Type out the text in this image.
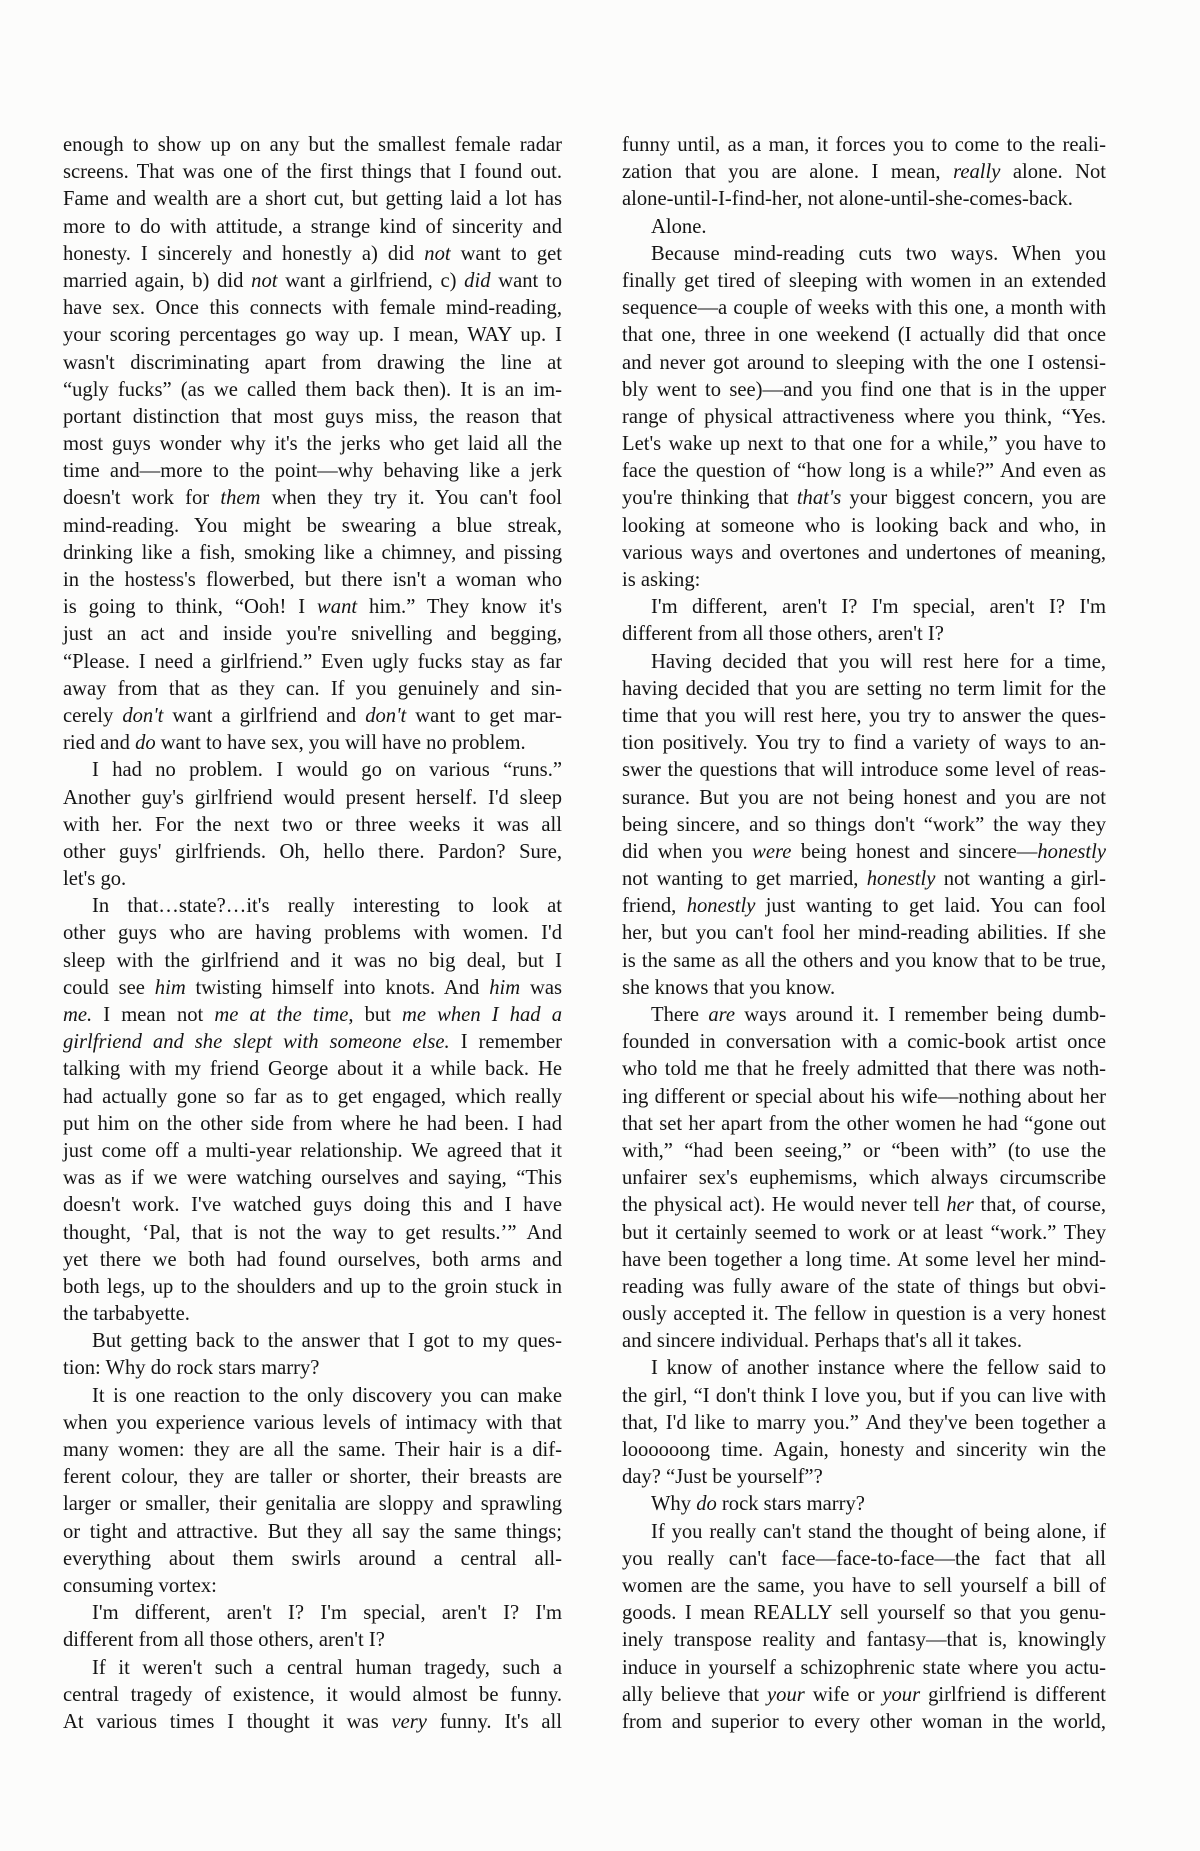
enough to show up on any but the smallest female radar
screens. That was one of the first things that I found out.
Fame and wealth are a short cut, but getting laid a lot has
more to do with attitude, a strange kind of sincerity and
honesty. I sincerely and honestly a) did not want to get
married again, b) did not want a girlfriend, c) did want to
have sex. Once this connects with female mind-reading,
your scoring percentages go way up. I mean, WAY up. I
wasn't discriminating apart from drawing the line at
“ugly fucks” (as we called them back then). It is an im-
portant distinction that most guys miss, the reason that
most guys wonder why it's the jerks who get laid all the
time and—more to the point—why behaving like a jerk
doesn't work for them when they try it. You can't fool
mind-reading. You might be swearing a blue streak,
drinking like a fish, smoking like a chimney, and pissing
in the hostess's flowerbed, but there isn't a woman who
is going to think, “Ooh! I want him.” They know it's
just an act and inside you're snivelling and begging,
“Please. I need a girlfriend.” Even ugly fucks stay as far
away from that as they can. If you genuinely and sin-
cerely don't want a girlfriend and don't want to get mar-
ried and do want to have sex, you will have no problem.
I had no problem. I would go on various “runs.”
Another guy's girlfriend would present herself. I'd sleep
with her. For the next two or three weeks it was all
other guys' girlfriends. Oh, hello there. Pardon? Sure,
let's go.
In that…state?…it's really interesting to look at
other guys who are having problems with women. I'd
sleep with the girlfriend and it was no big deal, but I
could see him twisting himself into knots. And him was
me. I mean not me at the time, but me when I had a
girlfriend and she slept with someone else. I remember
talking with my friend George about it a while back. He
had actually gone so far as to get engaged, which really
put him on the other side from where he had been. I had
just come off a multi-year relationship. We agreed that it
was as if we were watching ourselves and saying, “This
doesn't work. I've watched guys doing this and I have
thought, ‘Pal, that is not the way to get results.’” And
yet there we both had found ourselves, both arms and
both legs, up to the shoulders and up to the groin stuck in
the tarbabyette.
But getting back to the answer that I got to my ques-
tion: Why do rock stars marry?
It is one reaction to the only discovery you can make
when you experience various levels of intimacy with that
many women: they are all the same. Their hair is a dif-
ferent colour, they are taller or shorter, their breasts are
larger or smaller, their genitalia are sloppy and sprawling
or tight and attractive. But they all say the same things;
everything about them swirls around a central all-
consuming vortex:
I'm different, aren't I? I'm special, aren't I? I'm
different from all those others, aren't I?
If it weren't such a central human tragedy, such a
central tragedy of existence, it would almost be funny.
At various times I thought it was very funny. It's all
funny until, as a man, it forces you to come to the reali-
zation that you are alone. I mean, really alone. Not
alone-until-I-find-her, not alone-until-she-comes-back.
Alone.
Because mind-reading cuts two ways. When you
finally get tired of sleeping with women in an extended
sequence—a couple of weeks with this one, a month with
that one, three in one weekend (I actually did that once
and never got around to sleeping with the one I ostensi-
bly went to see)—and you find one that is in the upper
range of physical attractiveness where you think, “Yes.
Let's wake up next to that one for a while,” you have to
face the question of “how long is a while?” And even as
you're thinking that that's your biggest concern, you are
looking at someone who is looking back and who, in
various ways and overtones and undertones of meaning,
is asking:
I'm different, aren't I? I'm special, aren't I? I'm
different from all those others, aren't I?
Having decided that you will rest here for a time,
having decided that you are setting no term limit for the
time that you will rest here, you try to answer the ques-
tion positively. You try to find a variety of ways to an-
swer the questions that will introduce some level of reas-
surance. But you are not being honest and you are not
being sincere, and so things don't “work” the way they
did when you were being honest and sincere—honestly
not wanting to get married, honestly not wanting a girl-
friend, honestly just wanting to get laid. You can fool
her, but you can't fool her mind-reading abilities. If she
is the same as all the others and you know that to be true,
she knows that you know.
There are ways around it. I remember being dumb-
founded in conversation with a comic-book artist once
who told me that he freely admitted that there was noth-
ing different or special about his wife—nothing about her
that set her apart from the other women he had “gone out
with,” “had been seeing,” or “been with” (to use the
unfairer sex's euphemisms, which always circumscribe
the physical act). He would never tell her that, of course,
but it certainly seemed to work or at least “work.” They
have been together a long time. At some level her mind-
reading was fully aware of the state of things but obvi-
ously accepted it. The fellow in question is a very honest
and sincere individual. Perhaps that's all it takes.
I know of another instance where the fellow said to
the girl, “I don't think I love you, but if you can live with
that, I'd like to marry you.” And they've been together a
loooooong time. Again, honesty and sincerity win the
day? “Just be yourself”?
Why do rock stars marry?
If you really can't stand the thought of being alone, if
you really can't face—face-to-face—the fact that all
women are the same, you have to sell yourself a bill of
goods. I mean REALLY sell yourself so that you genu-
inely transpose reality and fantasy—that is, knowingly
induce in yourself a schizophrenic state where you actu-
ally believe that your wife or your girlfriend is different
from and superior to every other woman in the world,
